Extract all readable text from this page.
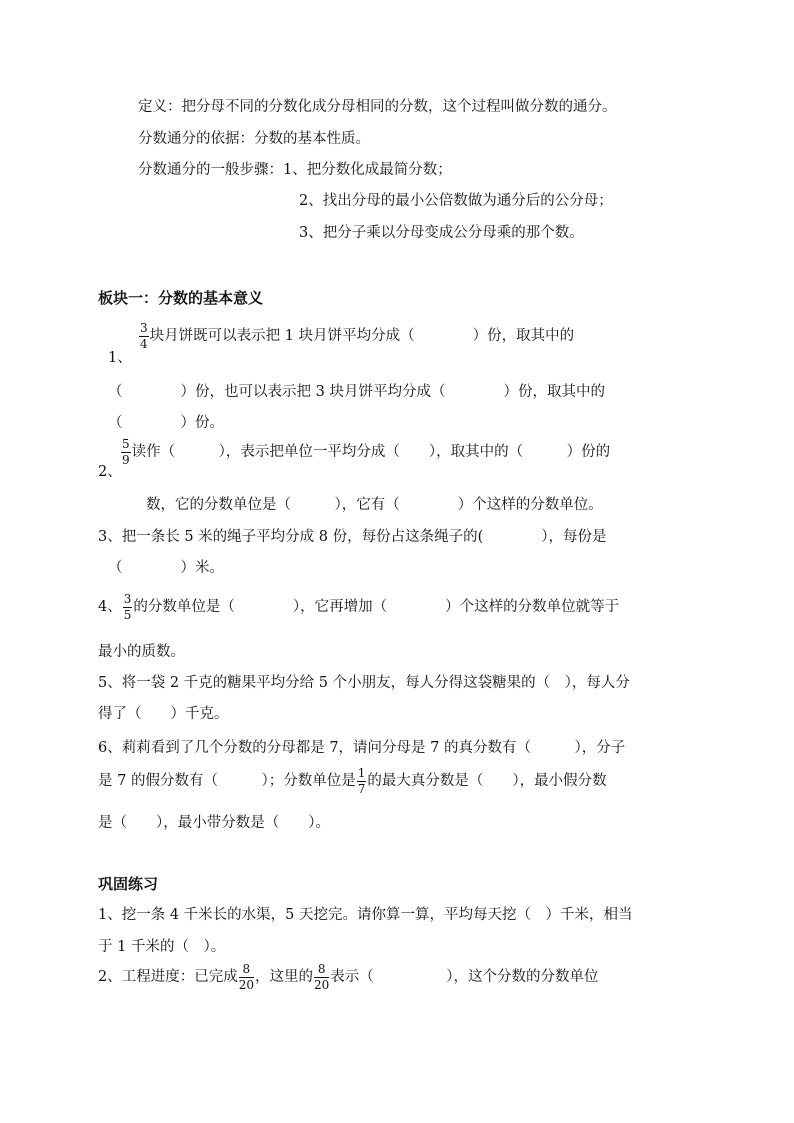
定义：把分母不同的分数化成分母相同的分数，这个过程叫做分数的通分。
分数通分的依据：分数的基本性质。
分数通分的一般步骤：1、把分数化成最简分数；
2、找出分母的最小公倍数做为通分后的公分母；
3、把分子乘以分母变成公分母乘的那个数。
板块一：分数的基本意义
1、
$\frac{3}{4}$ 块月饼既可以表示把 1 块月饼平均分成（　　　　）份，取其中的
（　　　　）份，也可以表示把 3 块月饼平均分成（　　　　）份，取其中的
（　　　　）份。
2、
$\frac{5}{9}$ 读作（　　　），表示把单位一平均分成（　　），取其中的（　　　）份的
数，它的分数单位是（　　　），它有（　　　　）个这样的分数单位。
3、把一条长 5 米的绳子平均分成 8 份，每份占这条绳子的(　　　　），每份是
（　　　　）米。
4、 $\frac{3}{5}$ 的分数单位是（　　　　），它再增加（　　　　）个这样的分数单位就等于
最小的质数。
5、将一袋 2 千克的糖果平均分给 5 个小朋友，每人分得这袋糖果的（　），每人分
得了（　　）千克。
6、莉莉看到了几个分数的分母都是 7，请问分母是 7 的真分数有（　　　），分子
是 7 的假分数有（　　　）；分数单位是 $\frac{1}{7}$ 的最大真分数是（　　），最小假分数
是（　　），最小带分数是（　　）。
巩固练习
1、挖一条 4 千米长的水渠，5 天挖完。请你算一算，平均每天挖（　）千米，相当
于 1 千米的（　）。
2、工程进度：已完成 $\frac{8}{20}$ ，这里的 $\frac{8}{20}$ 表示（　　　　　），这个分数的分数单位
